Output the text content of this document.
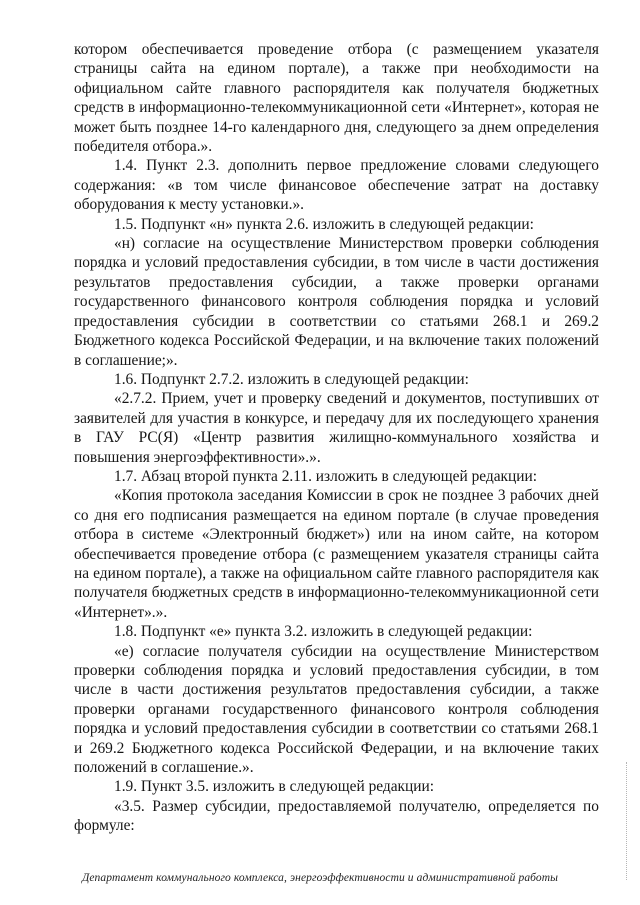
котором обеспечивается проведение отбора (с размещением указателя страницы сайта на едином портале), а также при необходимости на официальном сайте главного распорядителя как получателя бюджетных средств в информационно-телекоммуникационной сети «Интернет», которая не может быть позднее 14-го календарного дня, следующего за днем определения победителя отбора.».

1.4. Пункт 2.3. дополнить первое предложение словами следующего содержания: «в том числе финансовое обеспечение затрат на доставку оборудования к месту установки.».

1.5. Подпункт «н» пункта 2.6. изложить в следующей редакции:

«н) согласие на осуществление Министерством проверки соблюдения порядка и условий предоставления субсидии, в том числе в части достижения результатов предоставления субсидии, а также проверки органами государственного финансового контроля соблюдения порядка и условий предоставления субсидии в соответствии со статьями 268.1 и 269.2 Бюджетного кодекса Российской Федерации, и на включение таких положений в соглашение;».

1.6. Подпункт 2.7.2. изложить в следующей редакции:

«2.7.2. Прием, учет и проверку сведений и документов, поступивших от заявителей для участия в конкурсе, и передачу для их последующего хранения в ГАУ РС(Я) «Центр развития жилищно-коммунального хозяйства и повышения энергоэффективности».».

1.7. Абзац второй пункта 2.11. изложить в следующей редакции:

«Копия протокола заседания Комиссии в срок не позднее 3 рабочих дней со дня его подписания размещается на едином портале (в случае проведения отбора в системе «Электронный бюджет») или на ином сайте, на котором обеспечивается проведение отбора (с размещением указателя страницы сайта на едином портале), а также на официальном сайте главного распорядителя как получателя бюджетных средств в информационно-телекоммуникационной сети «Интернет».».

1.8. Подпункт «е» пункта 3.2. изложить в следующей редакции:

«е) согласие получателя субсидии на осуществление Министерством проверки соблюдения порядка и условий предоставления субсидии, в том числе в части достижения результатов предоставления субсидии, а также проверки органами государственного финансового контроля соблюдения порядка и условий предоставления субсидии в соответствии со статьями 268.1 и 269.2 Бюджетного кодекса Российской Федерации, и на включение таких положений в соглашение.».

1.9. Пункт 3.5. изложить в следующей редакции:

«3.5. Размер субсидии, предоставляемой получателю, определяется по формуле:

Департамент коммунального комплекса, энергоэффективности и административной работы
